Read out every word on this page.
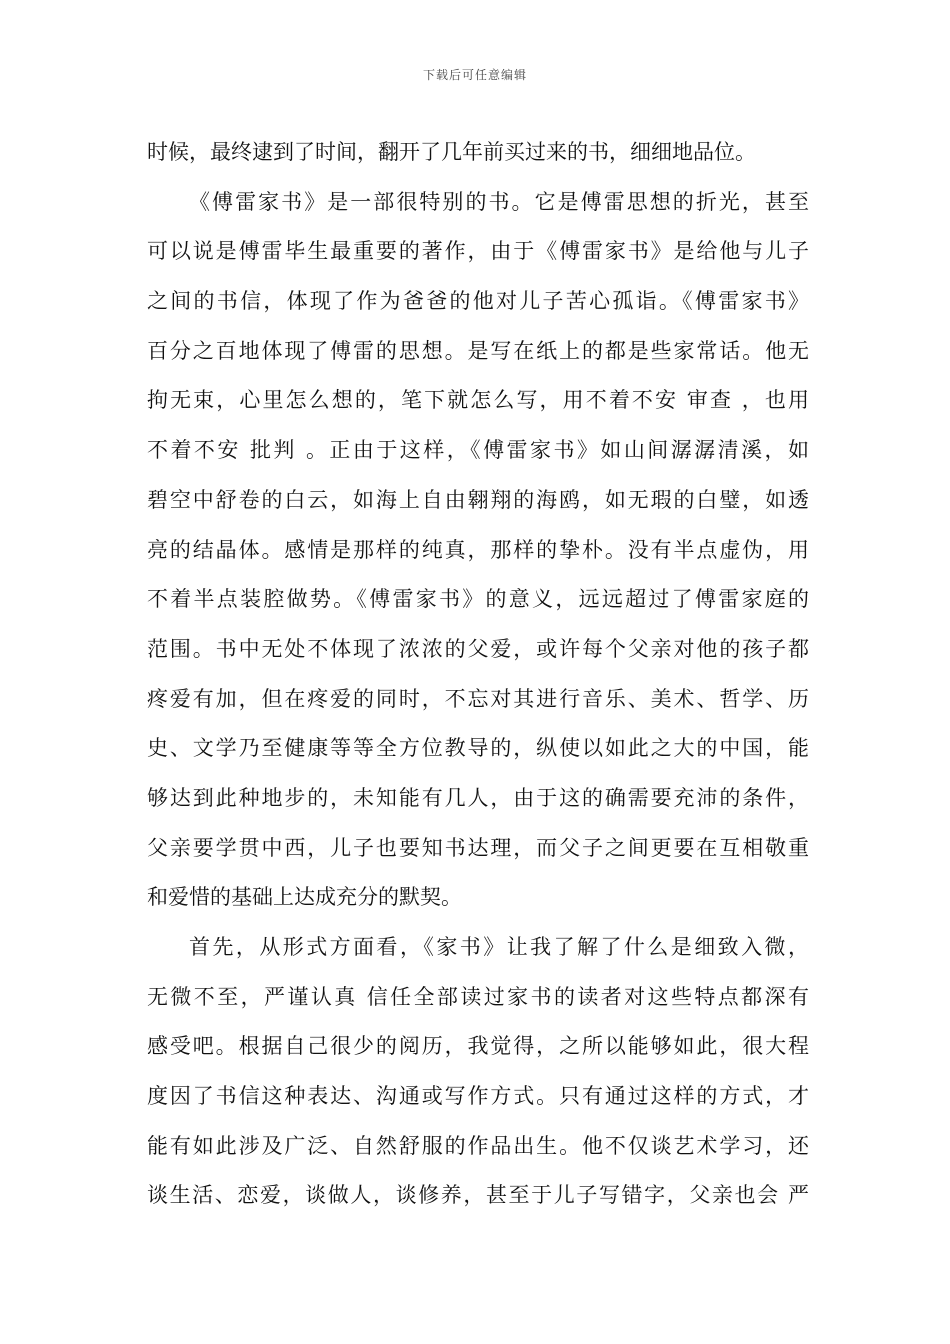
下载后可任意编辑

时候，最终逮到了时间，翻开了几年前买过来的书，细细地品位。

《傅雷家书》是一部很特别的书。它是傅雷思想的折光，甚至
可以说是傅雷毕生最重要的著作，由于《傅雷家书》是给他与儿子
之间的书信，体现了作为爸爸的他对儿子苦心孤诣。《傅雷家书》
百分之百地体现了傅雷的思想。是写在纸上的都是些家常话。他无
拘无束，心里怎么想的，笔下就怎么写，用不着不安 审查 ，也用
不着不安 批判 。正由于这样，《傅雷家书》如山间潺潺清溪，如
碧空中舒卷的白云，如海上自由翱翔的海鸥，如无瑕的白璧，如透
亮的结晶体。感情是那样的纯真，那样的挚朴。没有半点虚伪，用
不着半点装腔做势。《傅雷家书》的意义，远远超过了傅雷家庭的
范围。书中无处不体现了浓浓的父爱，或许每个父亲对他的孩子都
疼爱有加，但在疼爱的同时，不忘对其进行音乐、美术、哲学、历
史、文学乃至健康等等全方位教导的，纵使以如此之大的中国，能
够达到此种地步的，未知能有几人，由于这的确需要充沛的条件，
父亲要学贯中西，儿子也要知书达理，而父子之间更要在互相敬重
和爱惜的基础上达成充分的默契。

首先，从形式方面看，《家书》让我了解了什么是细致入微，
无微不至，严谨认真 信任全部读过家书的读者对这些特点都深有
感受吧。根据自己很少的阅历，我觉得，之所以能够如此，很大程
度因了书信这种表达、沟通或写作方式。只有通过这样的方式，才
能有如此涉及广泛、自然舒服的作品出生。他不仅谈艺术学习，还
谈生活、恋爱，谈做人，谈修养，甚至于儿子写错字，父亲也会 严
